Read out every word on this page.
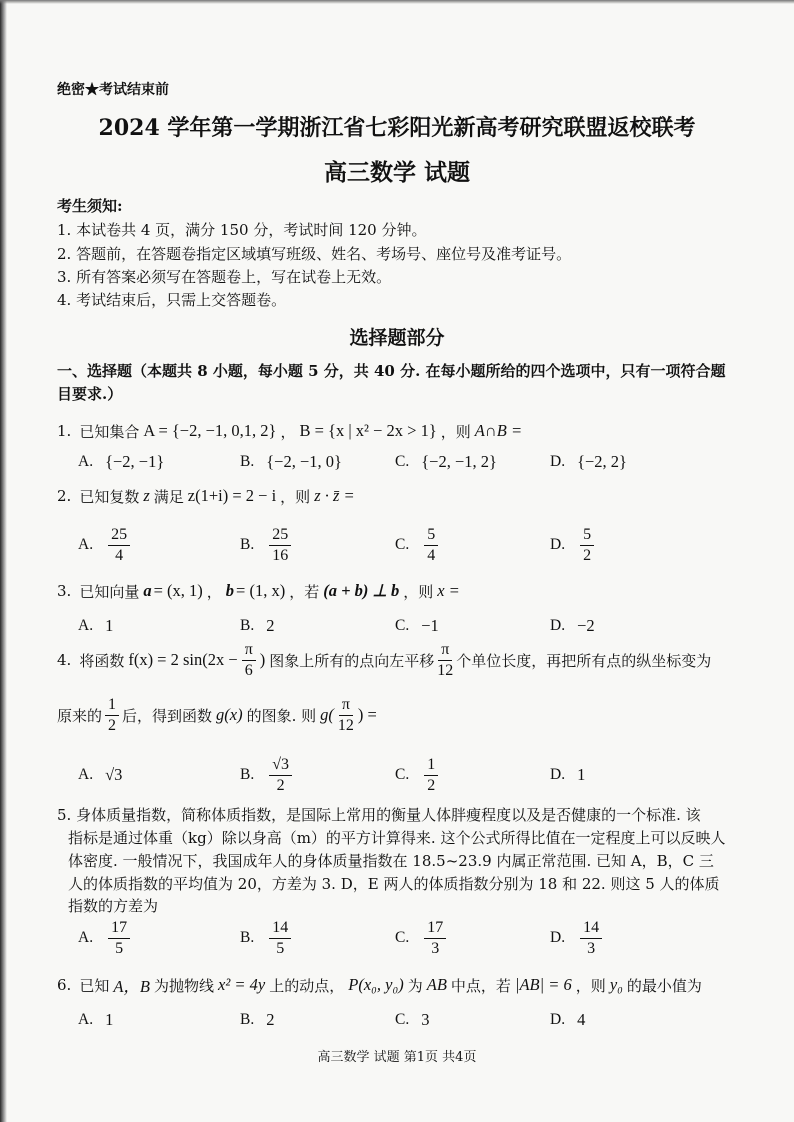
绝密★考试结束前
2024 学年第一学期浙江省七彩阳光新高考研究联盟返校联考
高三数学 试题
考生须知:
1. 本试卷共 4 页，满分 150 分，考试时间 120 分钟。
2. 答题前，在答题卷指定区域填写班级、姓名、考场号、座位号及准考证号。
3. 所有答案必须写在答题卷上，写在试卷上无效。
4. 考试结束后，只需上交答题卷。
选择题部分
一、选择题（本题共 8 小题，每小题 5 分，共 40 分. 在每小题所给的四个选项中，只有一项符合题
目要求.）
1. 已知集合 A = {−2, −1, 0,1, 2} ， B = {x | x² − 2x > 1} ，则 A∩B =
A. {−2, −1}	B. {−2, −1, 0}	C. {−2, −1, 2}	D. {−2, 2}
2. 已知复数 z 满足 z(1+i) = 2 − i ，则 z · z̄ =
A. $\frac{25}{4}$	B. $\frac{25}{16}$	C. $\frac{5}{4}$	D. $\frac{5}{2}$
3. 已知向量 a = (x, 1) ， b = (1, x) ，若 (a + b) ⊥ b ，则 x =
A. 1	B. 2	C. −1	D. −2
4. 将函数 f(x) = 2 $\sin(2x - \frac{\pi}{6}$ ) 图象上所有的点向左平移 $\frac{\pi}{12}$ 个单位长度，再把所有点的纵坐标变为
原来的 $\frac{1}{2}$ 后，得到函数 g(x) 的图象. 则 $g( \frac{\pi}{12}$ ) =
A. √3	B. $\frac{√3}{2}$	C. $\frac{1}{2}$	D. 1
5. 身体质量指数，简称体质指数，是国际上常用的衡量人体胖瘦程度以及是否健康的一个标准. 该
指标是通过体重（kg）除以身高（m）的平方计算得来. 这个公式所得比值在一定程度上可以反映人
体密度. 一般情况下，我国成年人的身体质量指数在 18.5~23.9 内属正常范围. 已知 A，B，C 三
人的体质指数的平均值为 20，方差为 3. D，E 两人的体质指数分别为 18 和 22. 则这 5 人的体质
指数的方差为
A. $\frac{17}{5}$	B. $\frac{14}{5}$	C. $\frac{17}{3}$	D. $\frac{14}{3}$
6. 已知 A，B 为抛物线 x² = 4y 上的动点， P(x₀, y₀) 为 AB 中点，若 |AB| = 6 ，则 y₀ 的最小值为
A. 1	B. 2	C. 3	D. 4
高三数学 试题 第1页 共4页
